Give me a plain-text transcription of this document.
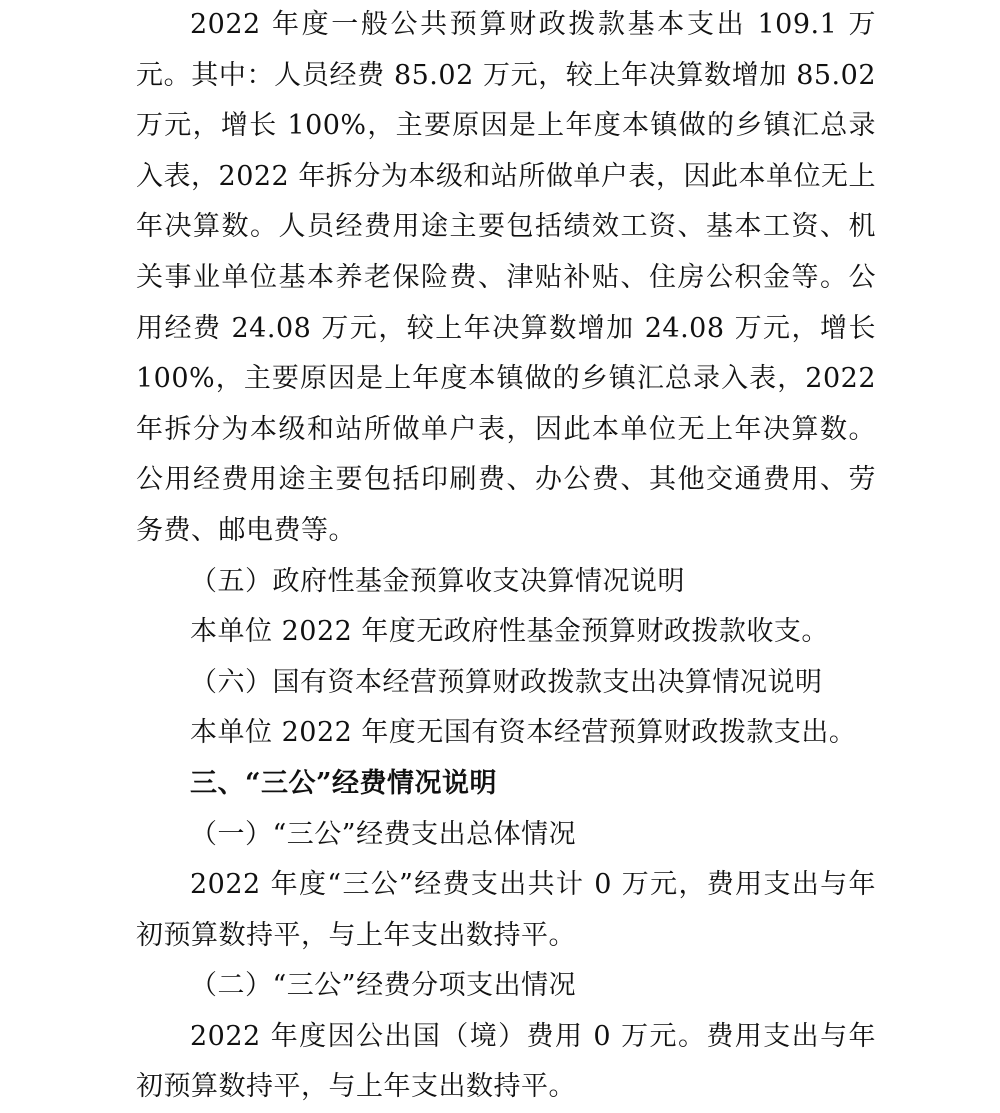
2022 年度一般公共预算财政拨款基本支出 109.1 万元。其中：人员经费 85.02 万元，较上年决算数增加 85.02 万元，增长 100%，主要原因是上年度本镇做的乡镇汇总录入表，2022 年拆分为本级和站所做单户表，因此本单位无上年决算数。人员经费用途主要包括绩效工资、基本工资、机关事业单位基本养老保险费、津贴补贴、住房公积金等。公用经费 24.08 万元，较上年决算数增加 24.08 万元，增长 100%，主要原因是上年度本镇做的乡镇汇总录入表，2022 年拆分为本级和站所做单户表，因此本单位无上年决算数。公用经费用途主要包括印刷费、办公费、其他交通费用、劳务费、邮电费等。

（五）政府性基金预算收支决算情况说明

本单位 2022 年度无政府性基金预算财政拨款收支。

（六）国有资本经营预算财政拨款支出决算情况说明

本单位 2022 年度无国有资本经营预算财政拨款支出。

三、“三公”经费情况说明

（一）“三公”经费支出总体情况

2022 年度“三公”经费支出共计 0 万元，费用支出与年初预算数持平，与上年支出数持平。

（二）“三公”经费分项支出情况

2022 年度因公出国（境）费用 0 万元。费用支出与年初预算数持平，与上年支出数持平。
